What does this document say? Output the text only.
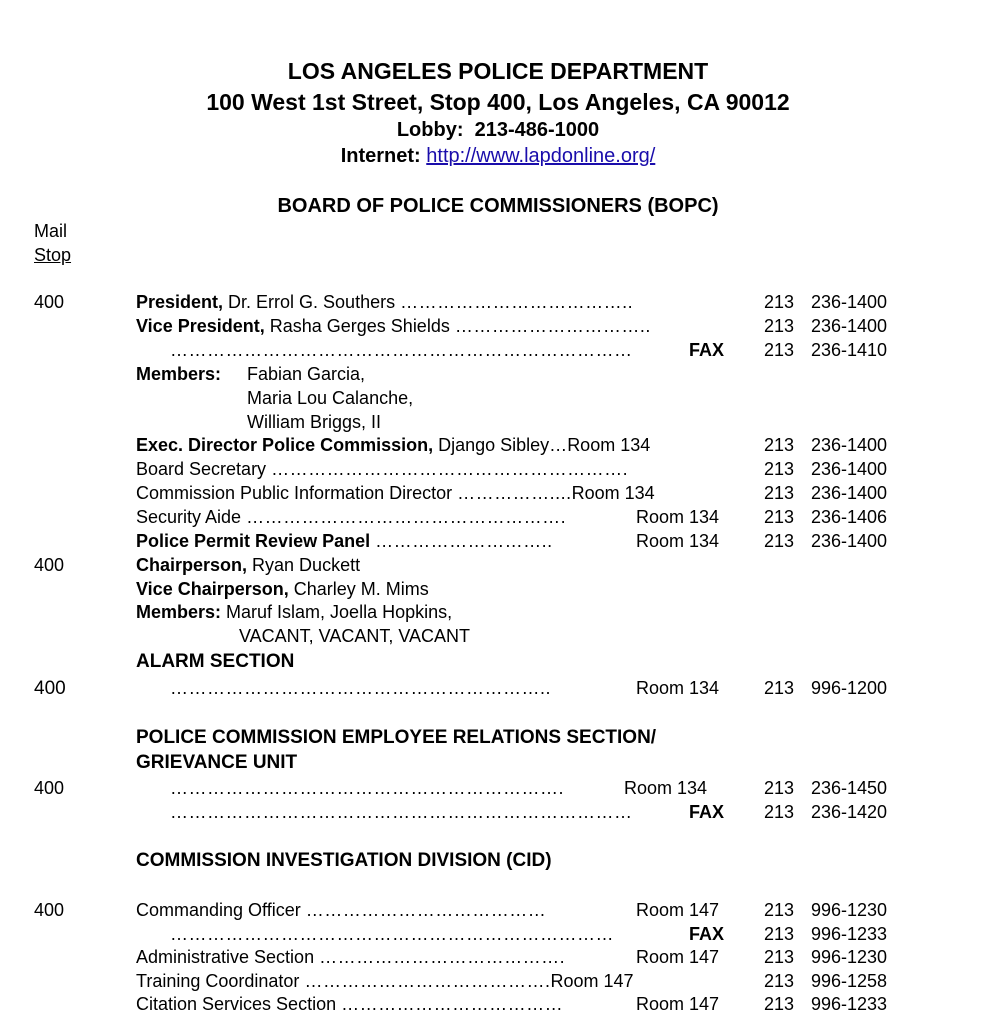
LOS ANGELES POLICE DEPARTMENT
100 West 1st Street, Stop 400, Los Angeles, CA 90012
Lobby: 213-486-1000
Internet: http://www.lapdonline.org/
BOARD OF POLICE COMMISSIONERS (BOPC)
Mail
Stop
400	President, Dr. Errol G. Southers ………………………………..	213 236-1400
Vice President, Rasha Gerges Shields …………………………..	213 236-1400
…………………………………………………………………	FAX 213 236-1410
Members: Fabian Garcia,
Maria Lou Calanche,
William Briggs, II
Exec. Director Police Commission, Django Sibley…Room 134	213 236-1400
Board Secretary ………………………………………………….	213 236-1400
Commission Public Information Director ……………....Room 134	213 236-1400
Security Aide …………………………………………….	Room 134 213 236-1406
Police Permit Review Panel ………………………..	Room 134 213 236-1400
400	Chairperson, Ryan Duckett
Vice Chairperson, Charley M. Mims
Members: Maruf Islam, Joella Hopkins,
VACANT, VACANT, VACANT
ALARM SECTION
400	……………………………………………………..	Room 134 213 996-1200
POLICE COMMISSION EMPLOYEE RELATIONS SECTION/
GRIEVANCE UNIT
400	……………………………………………………….	Room 134	213 236-1450
…………………………………………………………………	FAX 213 236-1420
COMMISSION INVESTIGATION DIVISION (CID)
400	Commanding Officer …………………………………	Room 147 213 996-1230
………………………………………………………………	FAX 213 996-1233
Administrative Section ………………………………….	Room 147 213 996-1230
Training Coordinator ………………………………….Room 147	213 996-1258
Citation Services Section ………………………………	Room 147 213 996-1233
